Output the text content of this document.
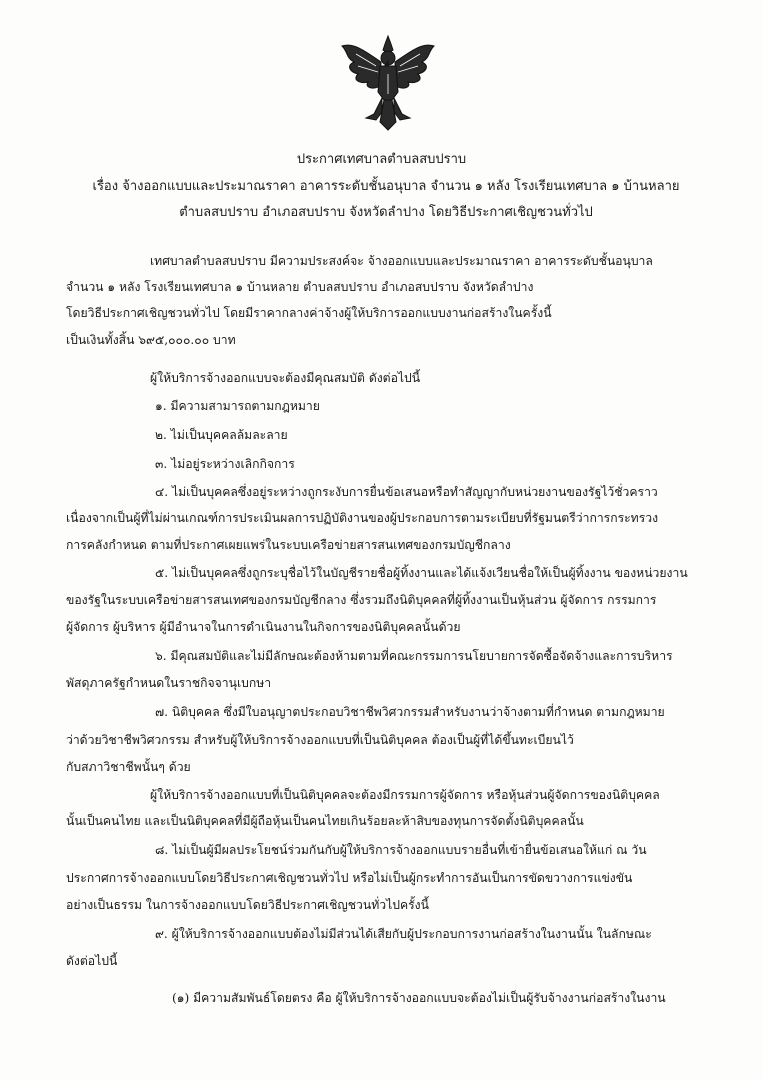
ประกาศเทศบาลตำบลสบปราบ
เรื่อง จ้างออกแบบและประมาณราคา อาคารระดับชั้นอนุบาล จำนวน ๑ หลัง โรงเรียนเทศบาล ๑ บ้านหลาย
ตำบลสบปราบ อำเภอสบปราบ จังหวัดลำปาง โดยวิธีประกาศเชิญชวนทั่วไป
เทศบาลตำบลสบปราบ มีความประสงค์จะ จ้างออกแบบและประมาณราคา อาคารระดับชั้นอนุบาล
จำนวน ๑ หลัง โรงเรียนเทศบาล ๑ บ้านหลาย ตำบลสบปราบ อำเภอสบปราบ จังหวัดลำปาง
โดยวิธีประกาศเชิญชวนทั่วไป โดยมีราคากลางค่าจ้างผู้ให้บริการออกแบบงานก่อสร้างในครั้งนี้
เป็นเงินทั้งสิ้น ๖๙๕,๐๐๐.๐๐ บาท
ผู้ให้บริการจ้างออกแบบจะต้องมีคุณสมบัติ ดังต่อไปนี้
๑. มีความสามารถตามกฎหมาย
๒. ไม่เป็นบุคคลล้มละลาย
๓. ไม่อยู่ระหว่างเลิกกิจการ
๔. ไม่เป็นบุคคลซึ่งอยู่ระหว่างถูกระงับการยื่นข้อเสนอหรือทำสัญญากับหน่วยงานของรัฐไว้ชั่วคราว
เนื่องจากเป็นผู้ที่ไม่ผ่านเกณฑ์การประเมินผลการปฏิบัติงานของผู้ประกอบการตามระเบียบที่รัฐมนตรีว่าการกระทรวง
การคลังกำหนด ตามที่ประกาศเผยแพร่ในระบบเครือข่ายสารสนเทศของกรมบัญชีกลาง
๕. ไม่เป็นบุคคลซึ่งถูกระบุชื่อไว้ในบัญชีรายชื่อผู้ทิ้งงานและได้แจ้งเวียนชื่อให้เป็นผู้ทิ้งงาน ของหน่วยงาน
ของรัฐในระบบเครือข่ายสารสนเทศของกรมบัญชีกลาง ซึ่งรวมถึงนิติบุคคลที่ผู้ทิ้งงานเป็นหุ้นส่วน ผู้จัดการ กรรมการ
ผู้จัดการ ผู้บริหาร ผู้มีอำนาจในการดำเนินงานในกิจการของนิติบุคคลนั้นด้วย
๖. มีคุณสมบัติและไม่มีลักษณะต้องห้ามตามที่คณะกรรมการนโยบายการจัดซื้อจัดจ้างและการบริหาร
พัสดุภาครัฐกำหนดในราชกิจจานุเบกษา
๗. นิติบุคคล ซึ่งมีใบอนุญาตประกอบวิชาชีพวิศวกรรมสำหรับงานว่าจ้างตามที่กำหนด ตามกฎหมาย
ว่าด้วยวิชาชีพวิศวกรรม สำหรับผู้ให้บริการจ้างออกแบบที่เป็นนิติบุคคล ต้องเป็นผู้ที่ได้ขึ้นทะเบียนไว้
กับสภาวิชาชีพนั้นๆ ด้วย
ผู้ให้บริการจ้างออกแบบที่เป็นนิติบุคคลจะต้องมีกรรมการผู้จัดการ หรือหุ้นส่วนผู้จัดการของนิติบุคคล
นั้นเป็นคนไทย และเป็นนิติบุคคลที่มีผู้ถือหุ้นเป็นคนไทยเกินร้อยละห้าสิบของทุนการจัดตั้งนิติบุคคลนั้น
๘. ไม่เป็นผู้มีผลประโยชน์ร่วมกันกับผู้ให้บริการจ้างออกแบบรายอื่นที่เข้ายื่นข้อเสนอให้แก่ ณ วัน
ประกาศการจ้างออกแบบโดยวิธีประกาศเชิญชวนทั่วไป หรือไม่เป็นผู้กระทำการอันเป็นการขัดขวางการแข่งขัน
อย่างเป็นธรรม ในการจ้างออกแบบโดยวิธีประกาศเชิญชวนทั่วไปครั้งนี้
๙. ผู้ให้บริการจ้างออกแบบต้องไม่มีส่วนได้เสียกับผู้ประกอบการงานก่อสร้างในงานนั้น ในลักษณะ
ดังต่อไปนี้
(๑) มีความสัมพันธ์โดยตรง คือ ผู้ให้บริการจ้างออกแบบจะต้องไม่เป็นผู้รับจ้างงานก่อสร้างในงาน
